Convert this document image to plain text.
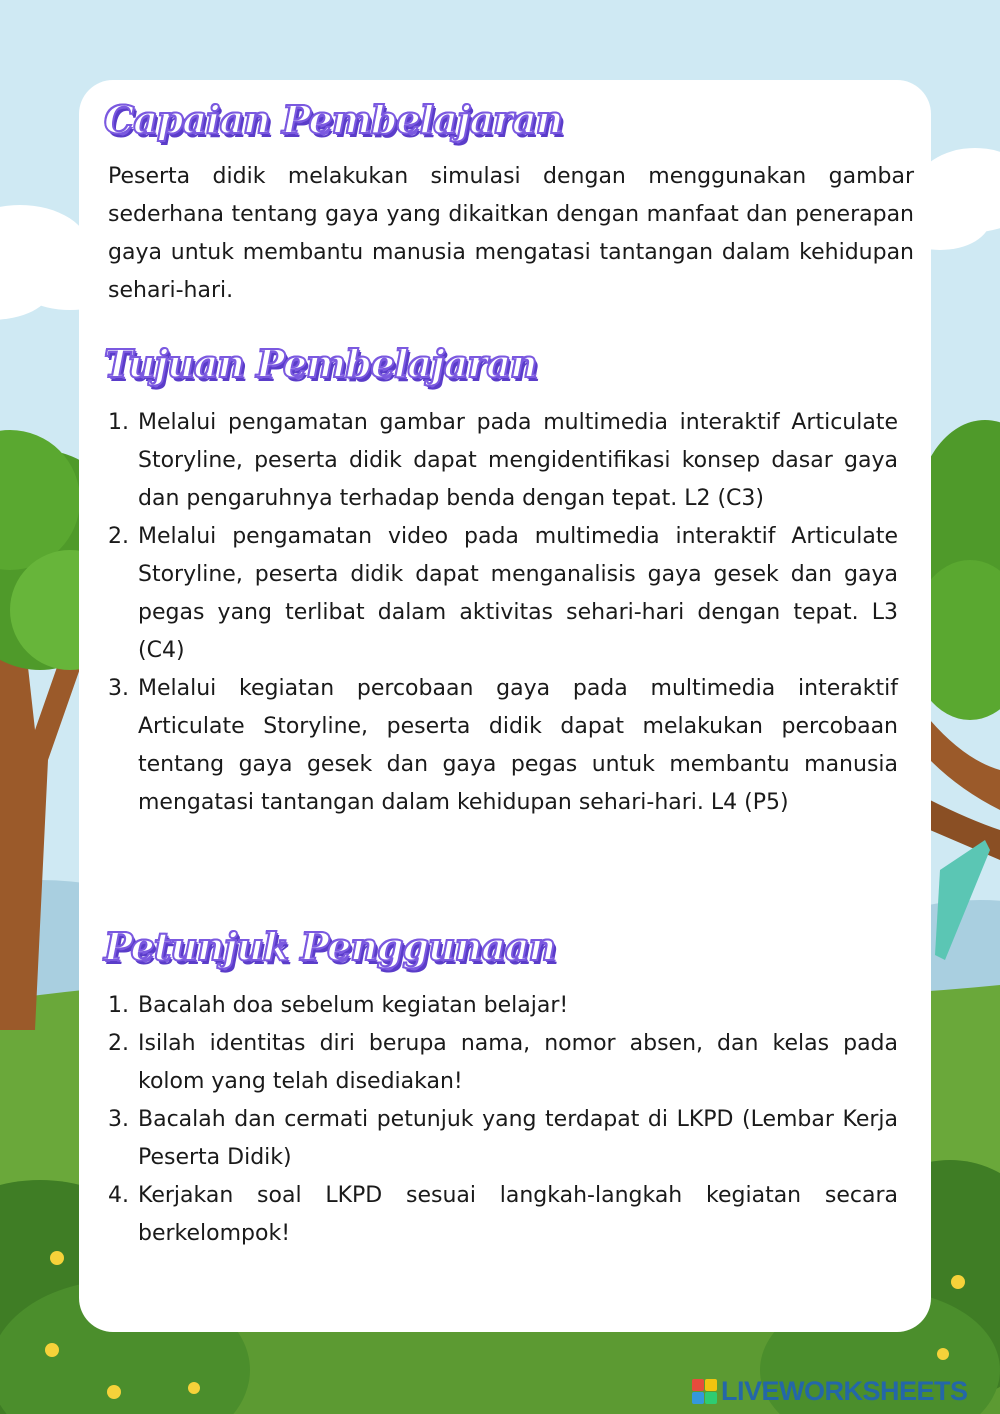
Capaian Pembelajaran

Peserta didik melakukan simulasi dengan menggunakan gambar sederhana tentang gaya yang dikaitkan dengan manfaat dan penerapan gaya untuk membantu manusia mengatasi tantangan dalam kehidupan sehari-hari.

Tujuan Pembelajaran
1. Melalui pengamatan gambar pada multimedia interaktif Articulate Storyline, peserta didik dapat mengidentifikasi konsep dasar gaya dan pengaruhnya terhadap benda dengan tepat. L2 (C3)
2. Melalui pengamatan video pada multimedia interaktif Articulate Storyline, peserta didik dapat menganalisis gaya gesek dan gaya pegas yang terlibat dalam aktivitas sehari-hari dengan tepat. L3 (C4)
3. Melalui kegiatan percobaan gaya pada multimedia interaktif Articulate Storyline, peserta didik dapat melakukan percobaan tentang gaya gesek dan gaya pegas untuk membantu manusia mengatasi tantangan dalam kehidupan sehari-hari. L4 (P5)
Petunjuk Penggunaan
1. Bacalah doa sebelum kegiatan belajar!
2. Isilah identitas diri berupa nama, nomor absen, dan kelas pada kolom yang telah disediakan!
3. Bacalah dan cermati petunjuk yang terdapat di LKPD (Lembar Kerja Peserta Didik)
4. Kerjakan soal LKPD sesuai langkah-langkah kegiatan secara berkelompok!
LIVEWORKSHEETS
